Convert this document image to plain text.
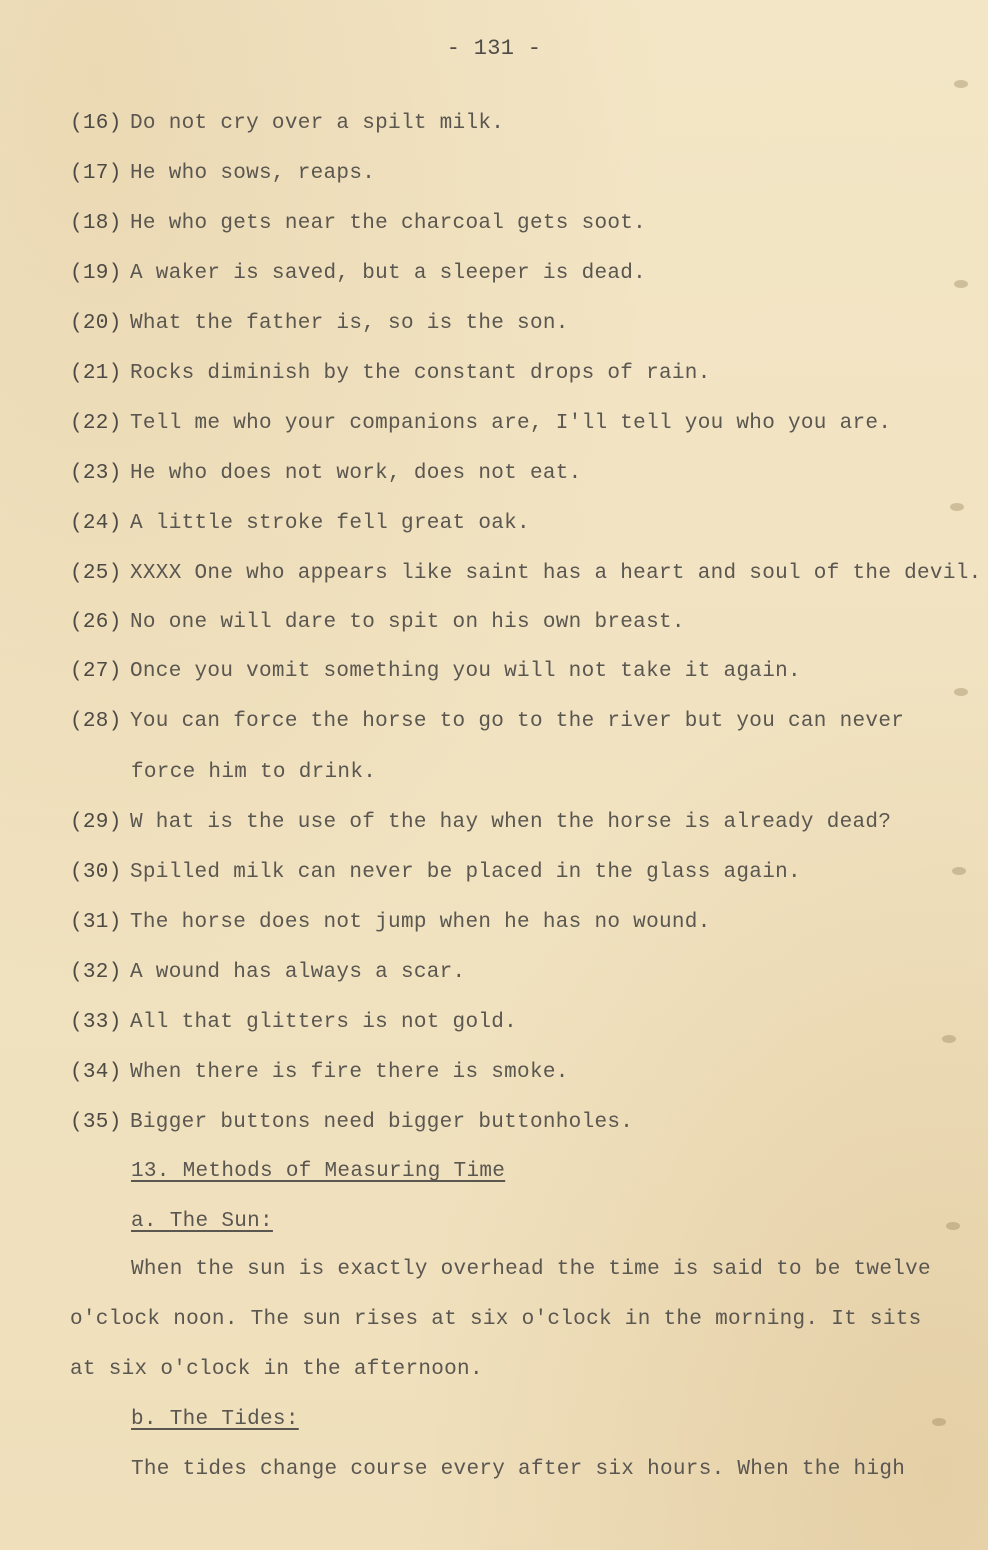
- 131 -
(16) Do not cry over a spilt milk.
(17) He who sows, reaps.
(18) He who gets near the charcoal gets soot.
(19) A waker is saved, but a sleeper is dead.
(20) What the father is, so is the son.
(21) Rocks diminish by the constant drops of rain.
(22) Tell me who your companions are, I'll tell you who you are.
(23) He who does not work, does not eat.
(24) A little stroke fell great oak.
(25) XXXX One who appears like saint has a heart and soul of the devil.
(26) No one will dare to spit on his own breast.
(27) Once you vomit something you will not take it again.
(28) You can force the horse to go to the river but you can never
force him to drink.
(29) W hat is the use of the hay when the horse is already dead?
(30) Spilled milk can never be placed in the glass again.
(31) The horse does not jump when he has no wound.
(32) A wound has always a scar.
(33) All that glitters is not gold.
(34) When there is fire there is smoke.
(35) Bigger buttons need bigger buttonholes.
13. Methods of Measuring Time
a. The Sun:
When the sun is exactly overhead the time is said to be twelve
o'clock noon. The sun rises at six o'clock in the morning. It sits
at six o'clock in the afternoon.
b. The Tides:
The tides change course every after six hours. When the high
